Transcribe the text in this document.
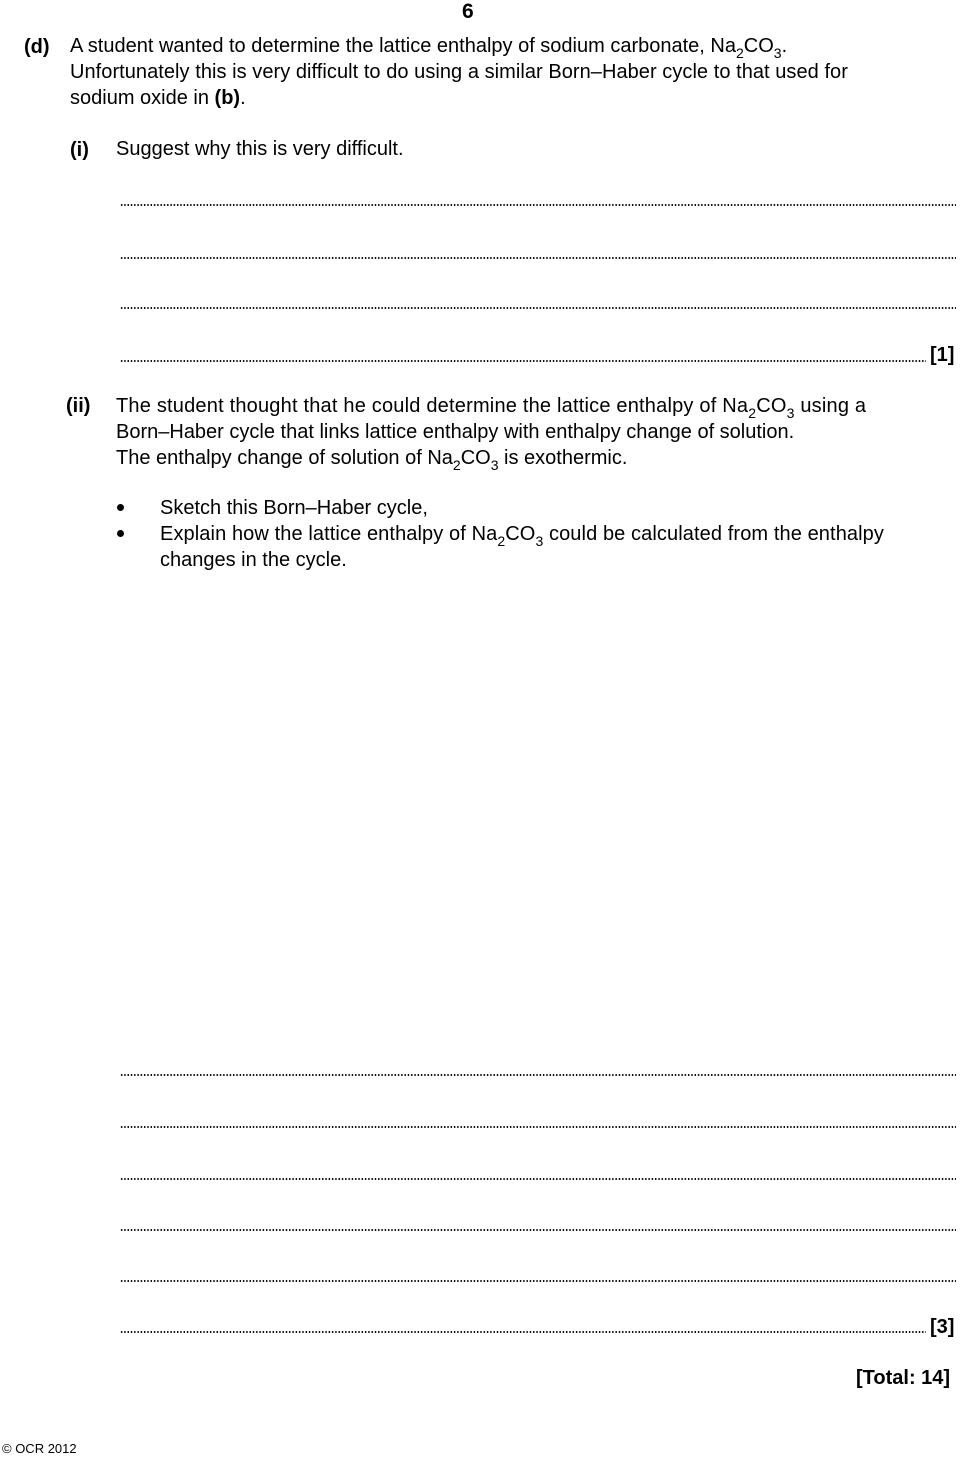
6
(d) A student wanted to determine the lattice enthalpy of sodium carbonate, $Na_2CO_3$.
Unfortunately this is very difficult to do using a similar Born–Haber cycle to that used for
sodium oxide in (b).
(i) Suggest why this is very difficult.
[1]
(ii) The student thought that he could determine the lattice enthalpy of $Na_2CO_3$ using a
Born–Haber cycle that links lattice enthalpy with enthalpy change of solution.
The enthalpy change of solution of $Na_2CO_3$ is exothermic.
Sketch this Born–Haber cycle,
Explain how the lattice enthalpy of $Na_2CO_3$ could be calculated from the enthalpy
changes in the cycle.
[3]
[Total: 14]
© OCR 2012
